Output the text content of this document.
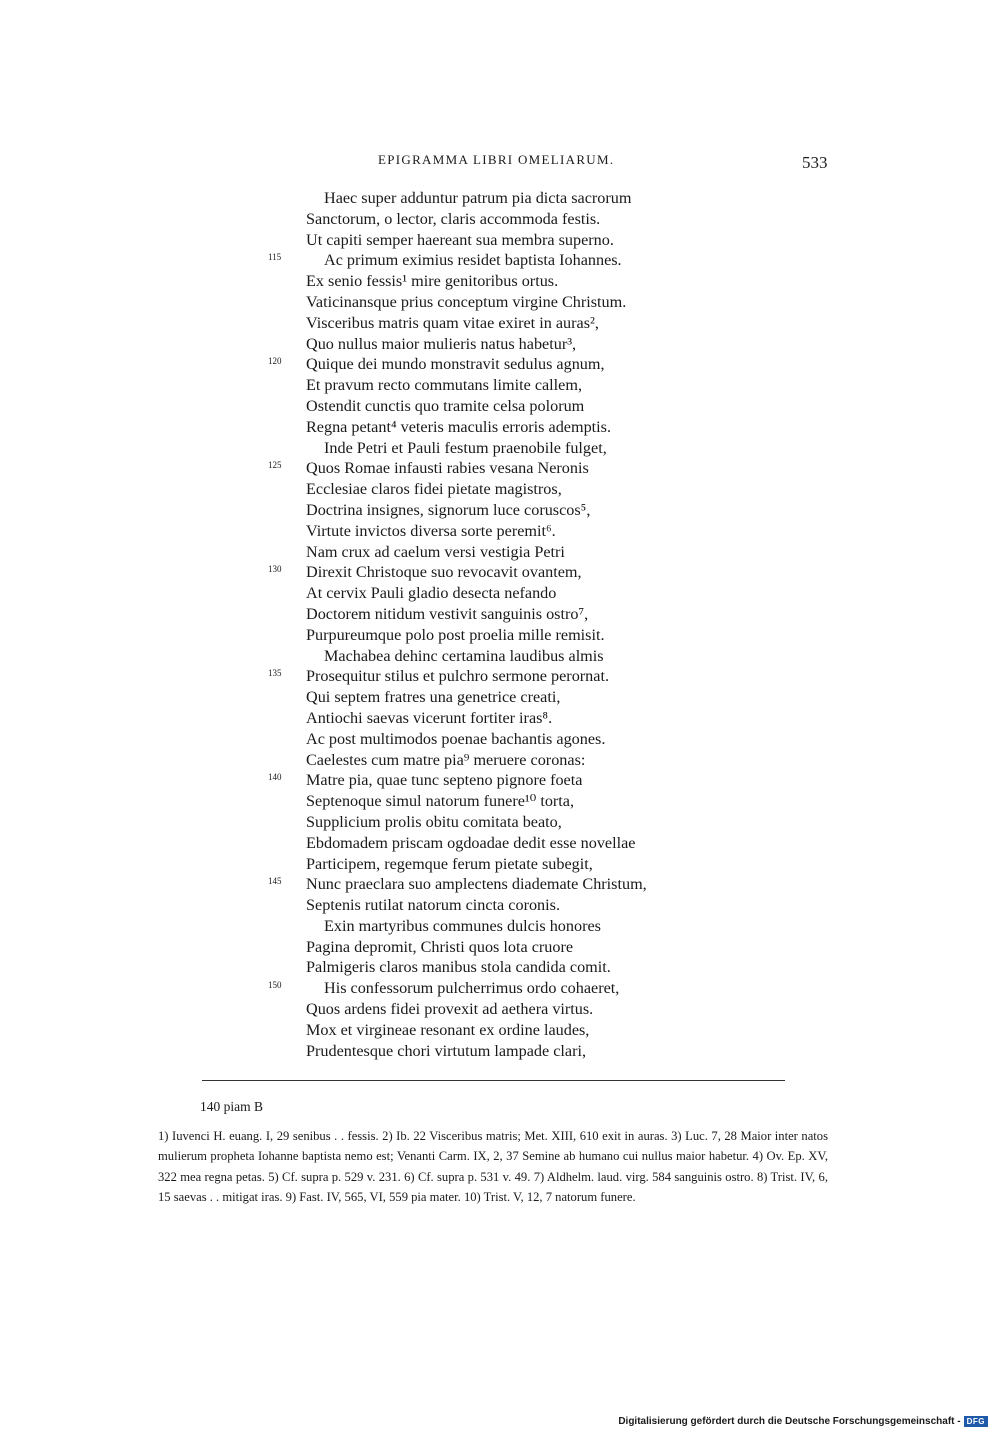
EPIGRAMMA LIBRI OMELIARUM.	533
Haec super adduntur patrum pia dicta sacrorum
Sanctorum, o lector, claris accommoda festis.
Ut capiti semper haereant sua membra superno.
115	Ac primum eximius residet baptista Iohannes.
Ex senio fessis¹ mire genitoribus ortus.
Vaticinansque prius conceptum virgine Christum.
Visceribus matris quam vitae exiret in auras²,
Quo nullus maior mulieris natus habetur³,
120 Quique dei mundo monstravit sedulus agnum,
Et pravum recto commutans limite callem,
Ostendit cunctis quo tramite celsa polorum
Regna petant⁴ veteris maculis erroris ademptis.
Inde Petri et Pauli festum praenobile fulget,
125 Quos Romae infausti rabies vesana Neronis
Ecclesiae claros fidei pietate magistros,
Doctrina insignes, signorum luce coruscos⁵,
Virtute invictos diversa sorte peremit⁶.
Nam crux ad caelum versi vestigia Petri
130 Direxit Christoque suo revocavit ovantem,
At cervix Pauli gladio desecta nefando
Doctorem nitidum vestivit sanguinis ostro⁷,
Purpureumque polo post proelia mille remisit.
Machabea dehinc certamina laudibus almis
135 Prosequitur stilus et pulchro sermone perornat.
Qui septem fratres una genetrice creati,
Antiochi saevas vicerunt fortiter iras⁸.
Ac post multimodos poenae bachantis agones.
Caelestes cum matre pia⁹ meruere coronas:
140 Matre pia, quae tunc septeno pignore foeta
Septenoque simul natorum funere¹⁰ torta,
Supplicium prolis obitu comitata beato,
Ebdomadem priscam ogdoadae dedit esse novellae
Participem, regemque ferum pietate subegit,
145 Nunc praeclara suo amplectens diademate Christum,
Septenis rutilat natorum cincta coronis.
Exin martyribus communes dulcis honores
Pagina depromit, Christi quos lota cruore
Palmigeris claros manibus stola candida comit.
150	His confessorum pulcherrimus ordo cohaeret,
Quos ardens fidei provexit ad aethera virtus.
Mox et virgineae resonant ex ordine laudes,
Prudentesque chori virtutum lampade clari,
140 piam B
1) Iuvenci H. euang. I, 29 senibus . . fessis. 2) Ib. 22 Visceribus matris; Met. XIII, 610 exit in auras. 3) Luc. 7, 28 Maior inter natos mulierum propheta Iohanne baptista nemo est; Venanti Carm. IX, 2, 37 Semine ab humano cui nullus maior habetur. 4) Ov. Ep. XV, 322 mea regna petas. 5) Cf. supra p. 529 v. 231. 6) Cf. supra p. 531 v. 49. 7) Aldhelm. laud. virg. 584 sanguinis ostro. 8) Trist. IV, 6, 15 saevas . . mitigat iras. 9) Fast. IV, 565, VI, 559 pia mater. 10) Trist. V, 12, 7 natorum funere.
Digitalisierung gefördert durch die Deutsche Forschungsgemeinschaft - DFG
